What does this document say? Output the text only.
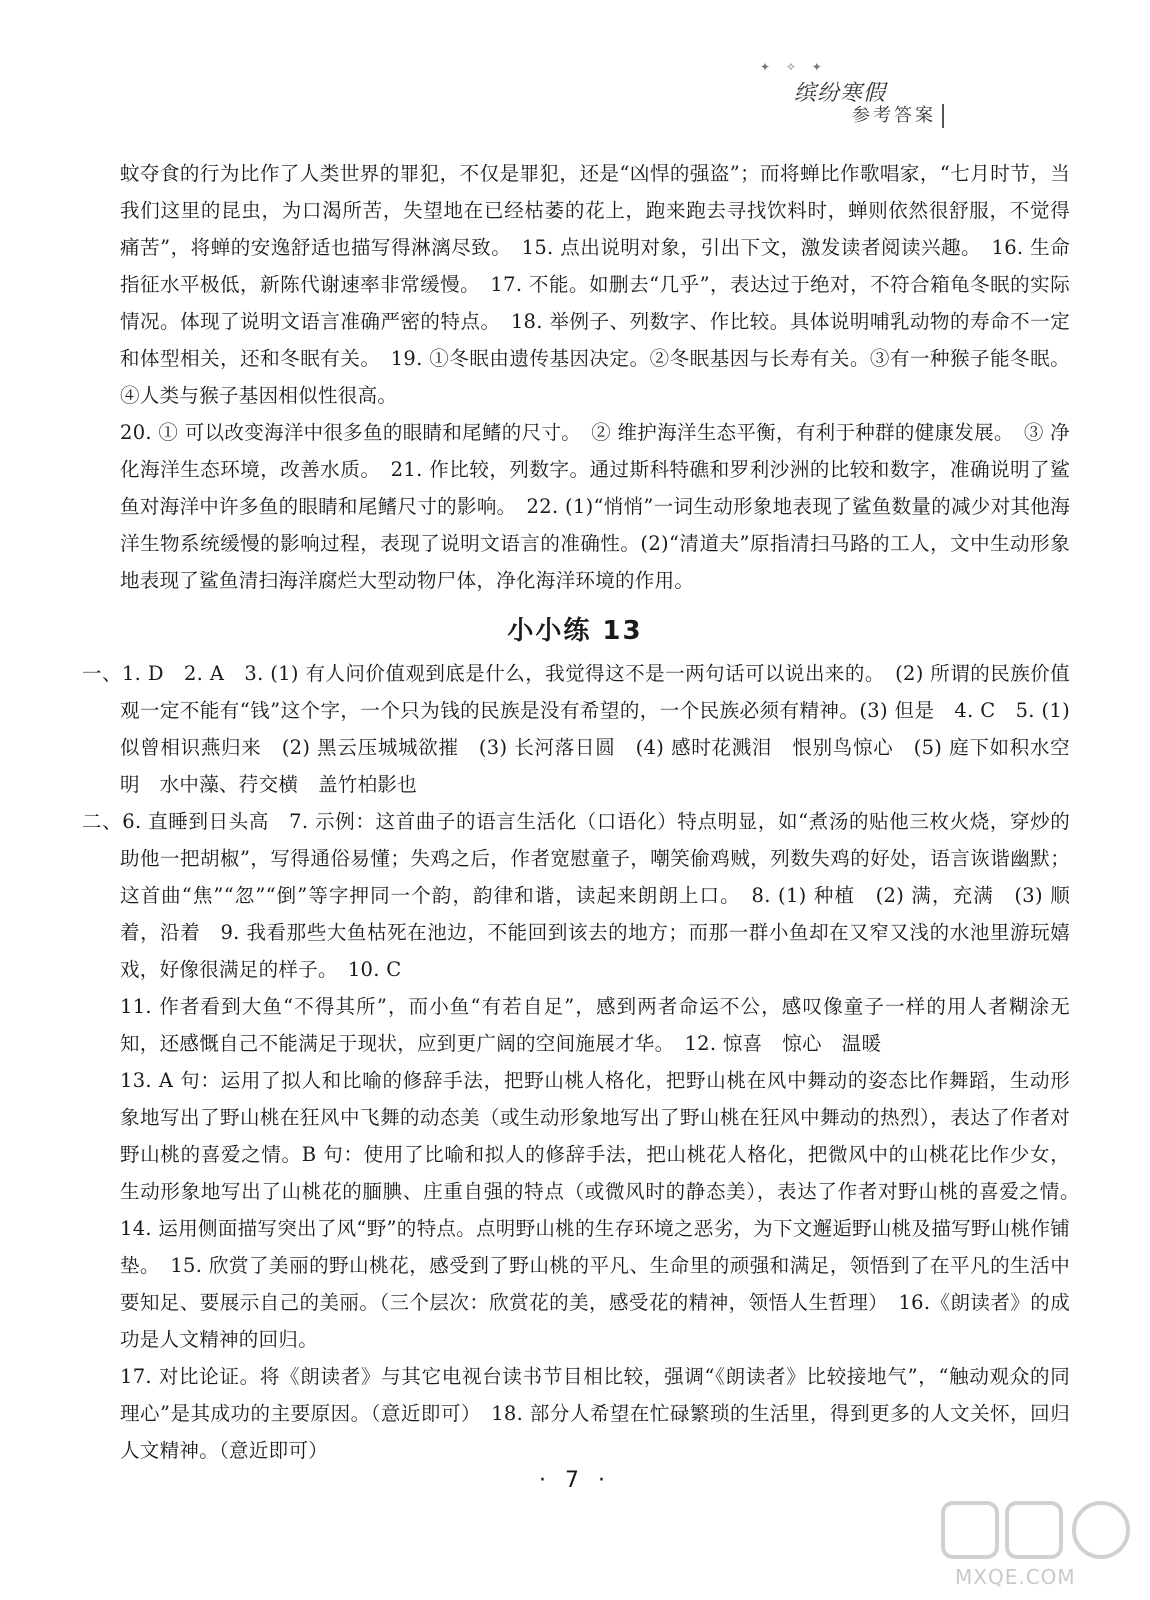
✦ ✧ ✦
缤纷寒假
参考答案

蚊夺食的行为比作了人类世界的罪犯，不仅是罪犯，还是“凶悍的强盗”；而将蝉比作歌唱家，“七月时节，当我们这里的昆虫，为口渴所苦，失望地在已经枯萎的花上，跑来跑去寻找饮料时，蝉则依然很舒服，不觉得痛苦”，将蝉的安逸舒适也描写得淋漓尽致。　15. 点出说明对象，引出下文，激发读者阅读兴趣。　16. 生命指征水平极低，新陈代谢速率非常缓慢。　17. 不能。如删去“几乎”，表达过于绝对，不符合箱龟冬眠的实际情况。体现了说明文语言准确严密的特点。　18. 举例子、列数字、作比较。具体说明哺乳动物的寿命不一定和体型相关，还和冬眠有关。　19. ①冬眠由遗传基因决定。②冬眠基因与长寿有关。③有一种猴子能冬眠。④人类与猴子基因相似性很高。

20. ① 可以改变海洋中很多鱼的眼睛和尾鳍的尺寸。　② 维护海洋生态平衡，有利于种群的健康发展。　③ 净化海洋生态环境，改善水质。　21. 作比较，列数字。通过斯科特礁和罗利沙洲的比较和数字，准确说明了鲨鱼对海洋中许多鱼的眼睛和尾鳍尺寸的影响。　22. (1)“悄悄”一词生动形象地表现了鲨鱼数量的减少对其他海洋生物系统缓慢的影响过程，表现了说明文语言的准确性。(2)“清道夫”原指清扫马路的工人，文中生动形象地表现了鲨鱼清扫海洋腐烂大型动物尸体，净化海洋环境的作用。

小小练 13

一、1. D　2. A　3. (1) 有人问价值观到底是什么，我觉得这不是一两句话可以说出来的。　(2) 所谓的民族价值观一定不能有“钱”这个字，一个只为钱的民族是没有希望的，一个民族必须有精神。(3) 但是　4. C　5. (1) 似曾相识燕归来　(2) 黑云压城城欲摧　(3) 长河落日圆　(4) 感时花溅泪　恨别鸟惊心　(5) 庭下如积水空明　水中藻、荇交横　盖竹柏影也

二、6. 直睡到日头高　7. 示例：这首曲子的语言生活化（口语化）特点明显，如“煮汤的贴他三枚火烧，穿炒的助他一把胡椒”，写得通俗易懂；失鸡之后，作者宽慰童子，嘲笑偷鸡贼，列数失鸡的好处，语言诙谐幽默；这首曲“焦”“忽”“倒”等字押同一个韵，韵律和谐，读起来朗朗上口。　8. (1) 种植　(2) 满，充满　(3) 顺着，沿着　9. 我看那些大鱼枯死在池边，不能回到该去的地方；而那一群小鱼却在又窄又浅的水池里游玩嬉戏，好像很满足的样子。　10. C

11. 作者看到大鱼“不得其所”，而小鱼“有若自足”，感到两者命运不公，感叹像童子一样的用人者糊涂无知，还感慨自己不能满足于现状，应到更广阔的空间施展才华。　12. 惊喜　惊心　温暖

13. A 句：运用了拟人和比喻的修辞手法，把野山桃人格化，把野山桃在风中舞动的姿态比作舞蹈，生动形象地写出了野山桃在狂风中飞舞的动态美（或生动形象地写出了野山桃在狂风中舞动的热烈），表达了作者对野山桃的喜爱之情。B 句：使用了比喻和拟人的修辞手法，把山桃花人格化，把微风中的山桃花比作少女，生动形象地写出了山桃花的腼腆、庄重自强的特点（或微风时的静态美），表达了作者对野山桃的喜爱之情。　14. 运用侧面描写突出了风“野”的特点。点明野山桃的生存环境之恶劣，为下文邂逅野山桃及描写野山桃作铺垫。　15. 欣赏了美丽的野山桃花，感受到了野山桃的平凡、生命里的顽强和满足，领悟到了在平凡的生活中要知足、要展示自己的美丽。（三个层次：欣赏花的美，感受花的精神，领悟人生哲理）　16.《朗读者》的成功是人文精神的回归。

17. 对比论证。将《朗读者》与其它电视台读书节目相比较，强调“《朗读者》比较接地气”，“触动观众的同理心”是其成功的主要原因。（意近即可）　18. 部分人希望在忙碌繁琐的生活里，得到更多的人文关怀，回归人文精神。（意近即可）

· 7 ·
MXQE.COM
